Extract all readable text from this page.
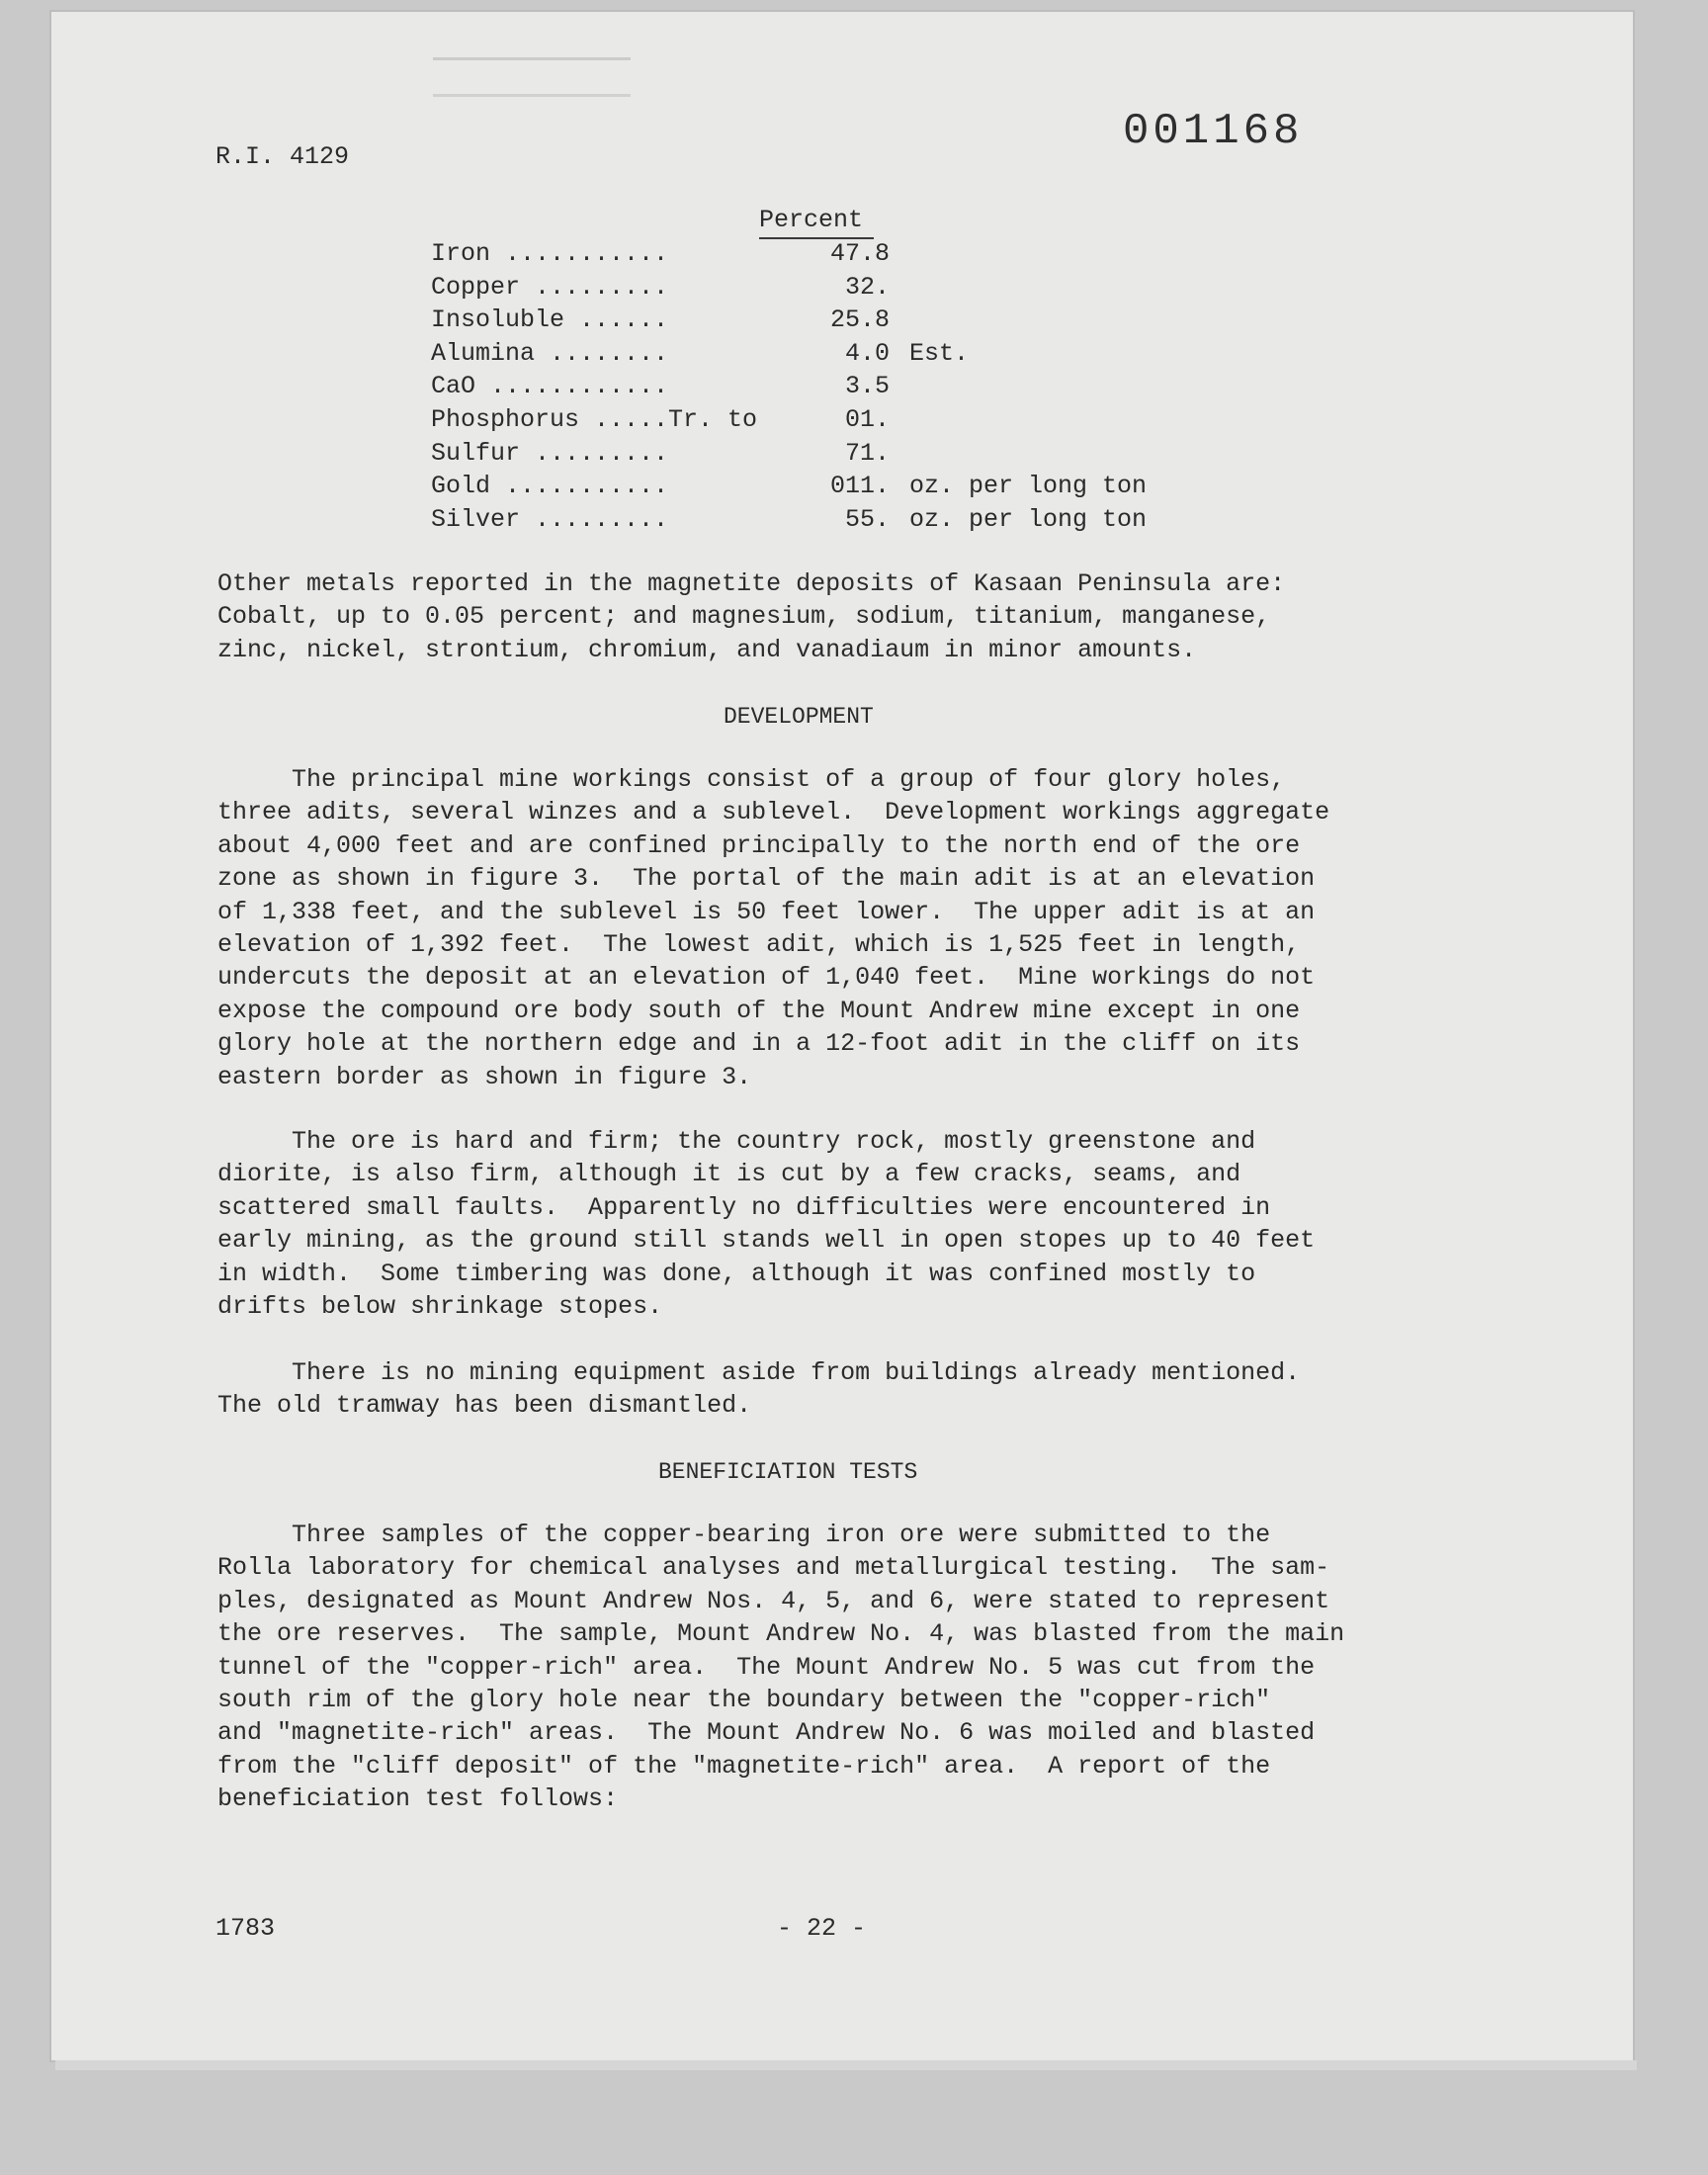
R.I. 4129
001168
Percent
Iron ...........	47.8
Copper .........	.32
Insoluble ......	25.8
Alumina ........	4.0 Est.
CaO ............	3.5
Phosphorus .....Tr. to	.01
Sulfur .........	.71
Gold ...........	.011 oz. per long ton
Silver .........	.55 oz. per long ton
Other metals reported in the magnetite deposits of Kasaan Peninsula are:
Cobalt, up to 0.05 percent; and magnesium, sodium, titanium, manganese,
zinc, nickel, strontium, chromium, and vanadiaum in minor amounts.
DEVELOPMENT
The principal mine workings consist of a group of four glory holes,
three adits, several winzes and a sublevel.  Development workings aggregate
about 4,000 feet and are confined principally to the north end of the ore
zone as shown in figure 3.  The portal of the main adit is at an elevation
of 1,338 feet, and the sublevel is 50 feet lower.  The upper adit is at an
elevation of 1,392 feet.  The lowest adit, which is 1,525 feet in length,
undercuts the deposit at an elevation of 1,040 feet.  Mine workings do not
expose the compound ore body south of the Mount Andrew mine except in one
glory hole at the northern edge and in a 12-foot adit in the cliff on its
eastern border as shown in figure 3.
The ore is hard and firm; the country rock, mostly greenstone and
diorite, is also firm, although it is cut by a few cracks, seams, and
scattered small faults.  Apparently no difficulties were encountered in
early mining, as the ground still stands well in open stopes up to 40 feet
in width.  Some timbering was done, although it was confined mostly to
drifts below shrinkage stopes.
There is no mining equipment aside from buildings already mentioned.
The old tramway has been dismantled.
BENEFICIATION TESTS
Three samples of the copper-bearing iron ore were submitted to the
Rolla laboratory for chemical analyses and metallurgical testing.  The sam-
ples, designated as Mount Andrew Nos. 4, 5, and 6, were stated to represent
the ore reserves.  The sample, Mount Andrew No. 4, was blasted from the main
tunnel of the "copper-rich" area.  The Mount Andrew No. 5 was cut from the
south rim of the glory hole near the boundary between the "copper-rich"
and "magnetite-rich" areas.  The Mount Andrew No. 6 was moiled and blasted
from the "cliff deposit" of the "magnetite-rich" area.  A report of the
beneficiation test follows:
1783	- 22 -
